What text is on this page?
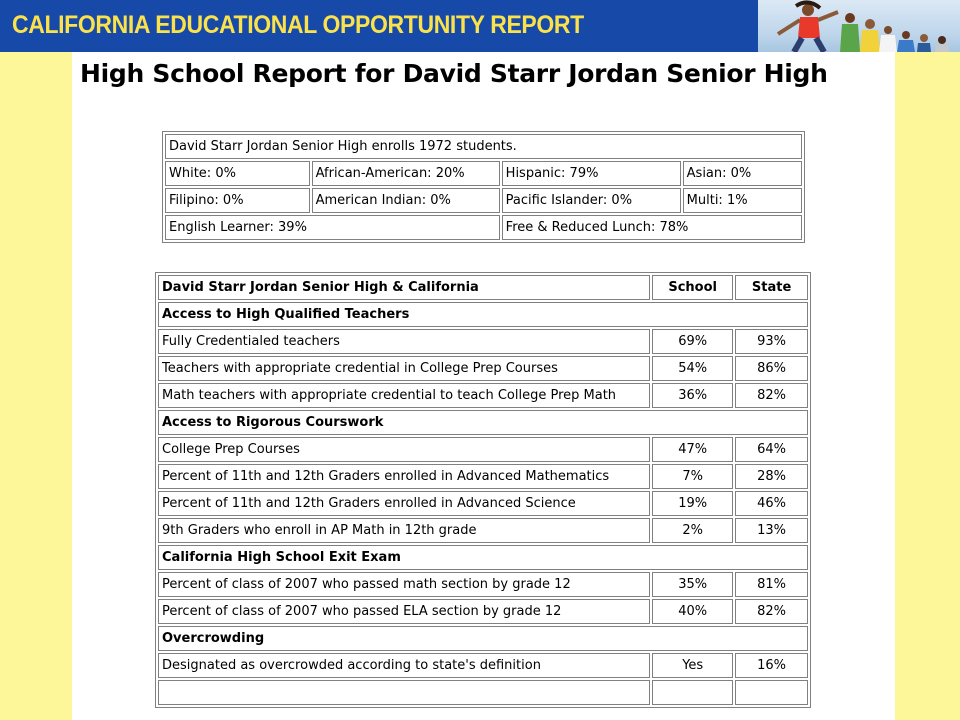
CALIFORNIA EDUCATIONAL OPPORTUNITY REPORT
High School Report for David Starr Jordan Senior High
David Starr Jordan Senior High enrolls 1972 students.			
White: 0%	African-American: 20%	Hispanic: 79%	Asian: 0%
Filipino: 0%	American Indian: 0%	Pacific Islander: 0%	Multi: 1%
English Learner: 39%		Free & Reduced Lunch: 78%	
David Starr Jordan Senior High & California	School	State
Access to High Qualified Teachers		
Fully Credentialed teachers	69%	93%
Teachers with appropriate credential in College Prep Courses	54%	86%
Math teachers with appropriate credential to teach College Prep Math	36%	82%
Access to Rigorous Courswork		
College Prep Courses	47%	64%
Percent of 11th and 12th Graders enrolled in Advanced Mathematics	7%	28%
Percent of 11th and 12th Graders enrolled in Advanced Science	19%	46%
9th Graders who enroll in AP Math in 12th grade	2%	13%
California High School Exit Exam		
Percent of class of 2007 who passed math section by grade 12	35%	81%
Percent of class of 2007 who passed ELA section by grade 12	40%	82%
Overcrowding		
Designated as overcrowded according to state's definition	Yes	16%
